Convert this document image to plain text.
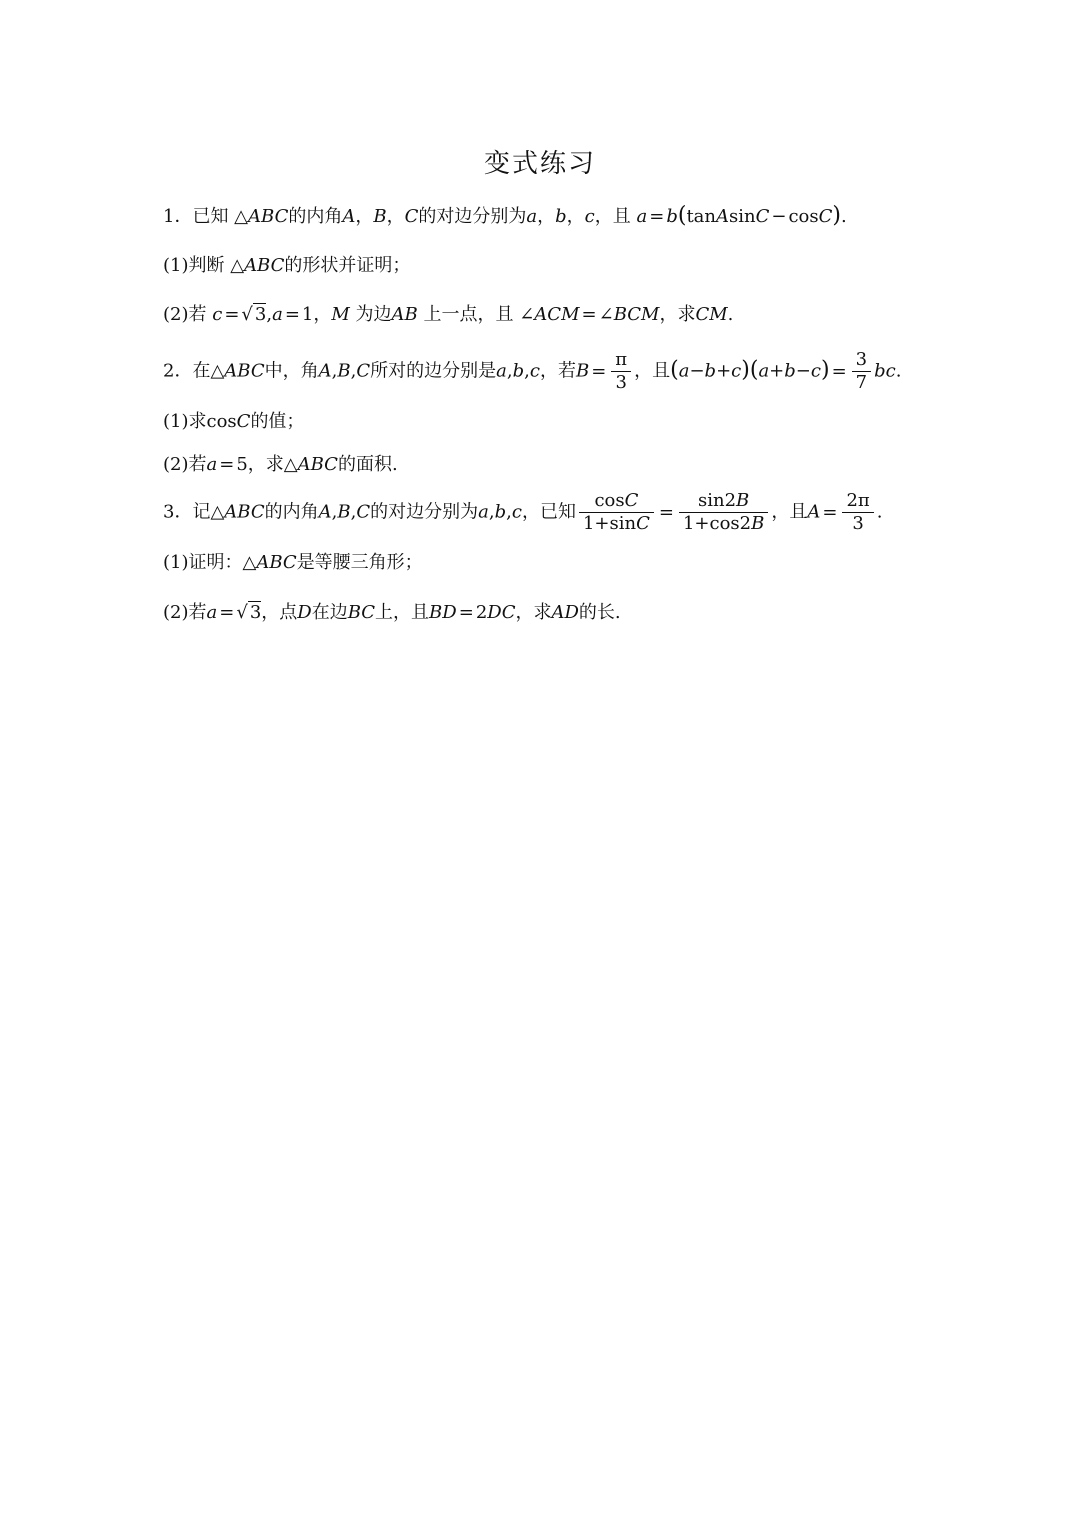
变式练习
1．已知 △ABC的内角A，B，C的对边分别为a，b，c，且 a = b(tanAsinC − cosC).
(1)判断 △ABC的形状并证明；
(2)若 c = √ 3,a = 1，M 为边AB 上一点，且 ∠ACM = ∠BCM，求CM.
2．在△ABC中，角A,B,C所对的边分别是a,b,c，若$B = \frac{\pi}{3}$ ，且$(a-b+c)(a+b-c) = \frac{3}{7}$ bc.
(1)求cosC的值；
(2)若a = 5，求△ABC的面积.
3．记△ABC的内角A,B,C的对边分别为a,b,c，已知 $\frac{\cos C}{1+\sin C} = \frac{\sin 2B}{1+\cos 2B}$ ，且$A = \frac{2\pi}{3}$ .
(1)证明：△ABC是等腰三角形；
(2)若a = √ 3，点D在边BC上，且BD = 2DC，求AD的长.
